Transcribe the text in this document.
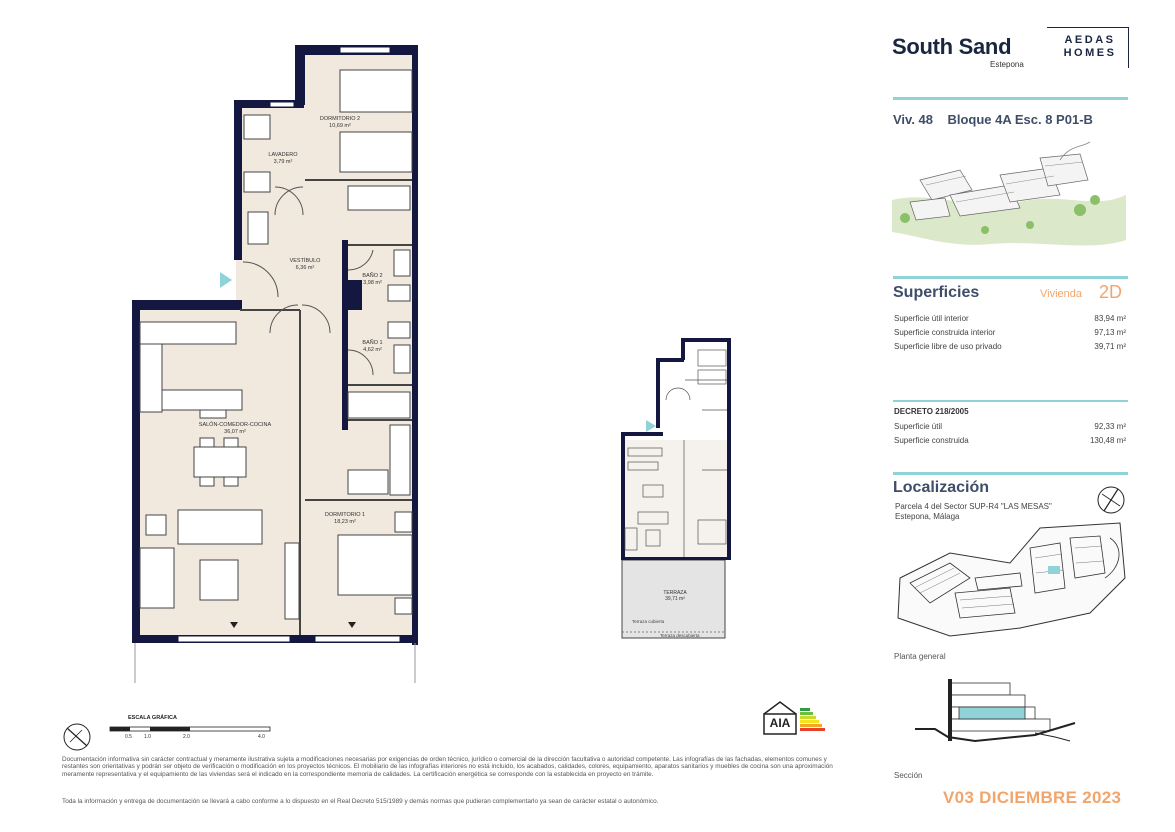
DORMITORIO 2
10,69 m²
LAVADERO
3,79 m²
VESTÍBULO
6,36 m²
BAÑO 2
3,98 m²
BAÑO 1
4,62 m²
SALÓN-COMEDOR-COCINA
36,07 m²
DORMITORIO 1
18,23 m²
TERRAZA
39,71 m²
Terraza cubierta
Terraza descubierta
ESCALA GRÁFICA
0.5 1.0	2.0	4.0
AIA
Documentación informativa sin carácter contractual y meramente ilustrativa sujeta a modificaciones necesarias por exigencias de orden técnico, jurídico o comercial de la dirección facultativa o autoridad competente. Las infografías de las fachadas, elementos comunes y restantes son orientativas y podrán ser objeto de verificación o modificación en los proyectos técnicos. El mobiliario de las infografías interiores no está incluido, los acabados, calidades, colores, equipamiento, aparatos sanitarios y muebles de cocina son una aproximación meramente representativa y el equipamiento de las viviendas será el indicado en la correspondiente memoria de calidades. La certificación energética se corresponde con la establecida en proyecto en trámite.
Toda la información y entrega de documentación se llevará a cabo conforme a lo dispuesto en el Real Decreto 515/1989 y demás normas que pudieran complementarlo ya sean de carácter estatal o autonómico.
South Sand
Estepona
AEDAS
HOMES
Viv. 48 Bloque 4A Esc. 8 P01-B
Superficies	Vivienda 2D
Superficie útil interior	83,94 m²
Superficie construida interior	97,13 m²
Superficie libre de uso privado	39,71 m²
DECRETO 218/2005
Superficie útil	92,33 m²
Superficie construida	130,48 m²
Localización
Parcela 4 del Sector SUP-R4 "LAS MESAS"
Estepona, Málaga
Planta general
Sección
V03 DICIEMBRE 2023
